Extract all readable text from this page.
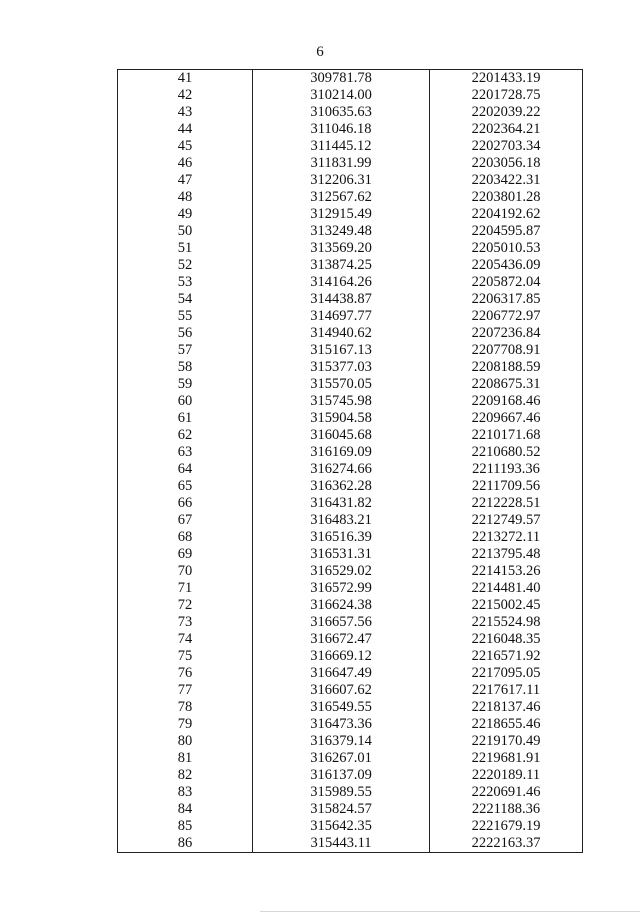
6
41	309781.78	2201433.19
42	310214.00	2201728.75
43	310635.63	2202039.22
44	311046.18	2202364.21
45	311445.12	2202703.34
46	311831.99	2203056.18
47	312206.31	2203422.31
48	312567.62	2203801.28
49	312915.49	2204192.62
50	313249.48	2204595.87
51	313569.20	2205010.53
52	313874.25	2205436.09
53	314164.26	2205872.04
54	314438.87	2206317.85
55	314697.77	2206772.97
56	314940.62	2207236.84
57	315167.13	2207708.91
58	315377.03	2208188.59
59	315570.05	2208675.31
60	315745.98	2209168.46
61	315904.58	2209667.46
62	316045.68	2210171.68
63	316169.09	2210680.52
64	316274.66	2211193.36
65	316362.28	2211709.56
66	316431.82	2212228.51
67	316483.21	2212749.57
68	316516.39	2213272.11
69	316531.31	2213795.48
70	316529.02	2214153.26
71	316572.99	2214481.40
72	316624.38	2215002.45
73	316657.56	2215524.98
74	316672.47	2216048.35
75	316669.12	2216571.92
76	316647.49	2217095.05
77	316607.62	2217617.11
78	316549.55	2218137.46
79	316473.36	2218655.46
80	316379.14	2219170.49
81	316267.01	2219681.91
82	316137.09	2220189.11
83	315989.55	2220691.46
84	315824.57	2221188.36
85	315642.35	2221679.19
86	315443.11	2222163.37
